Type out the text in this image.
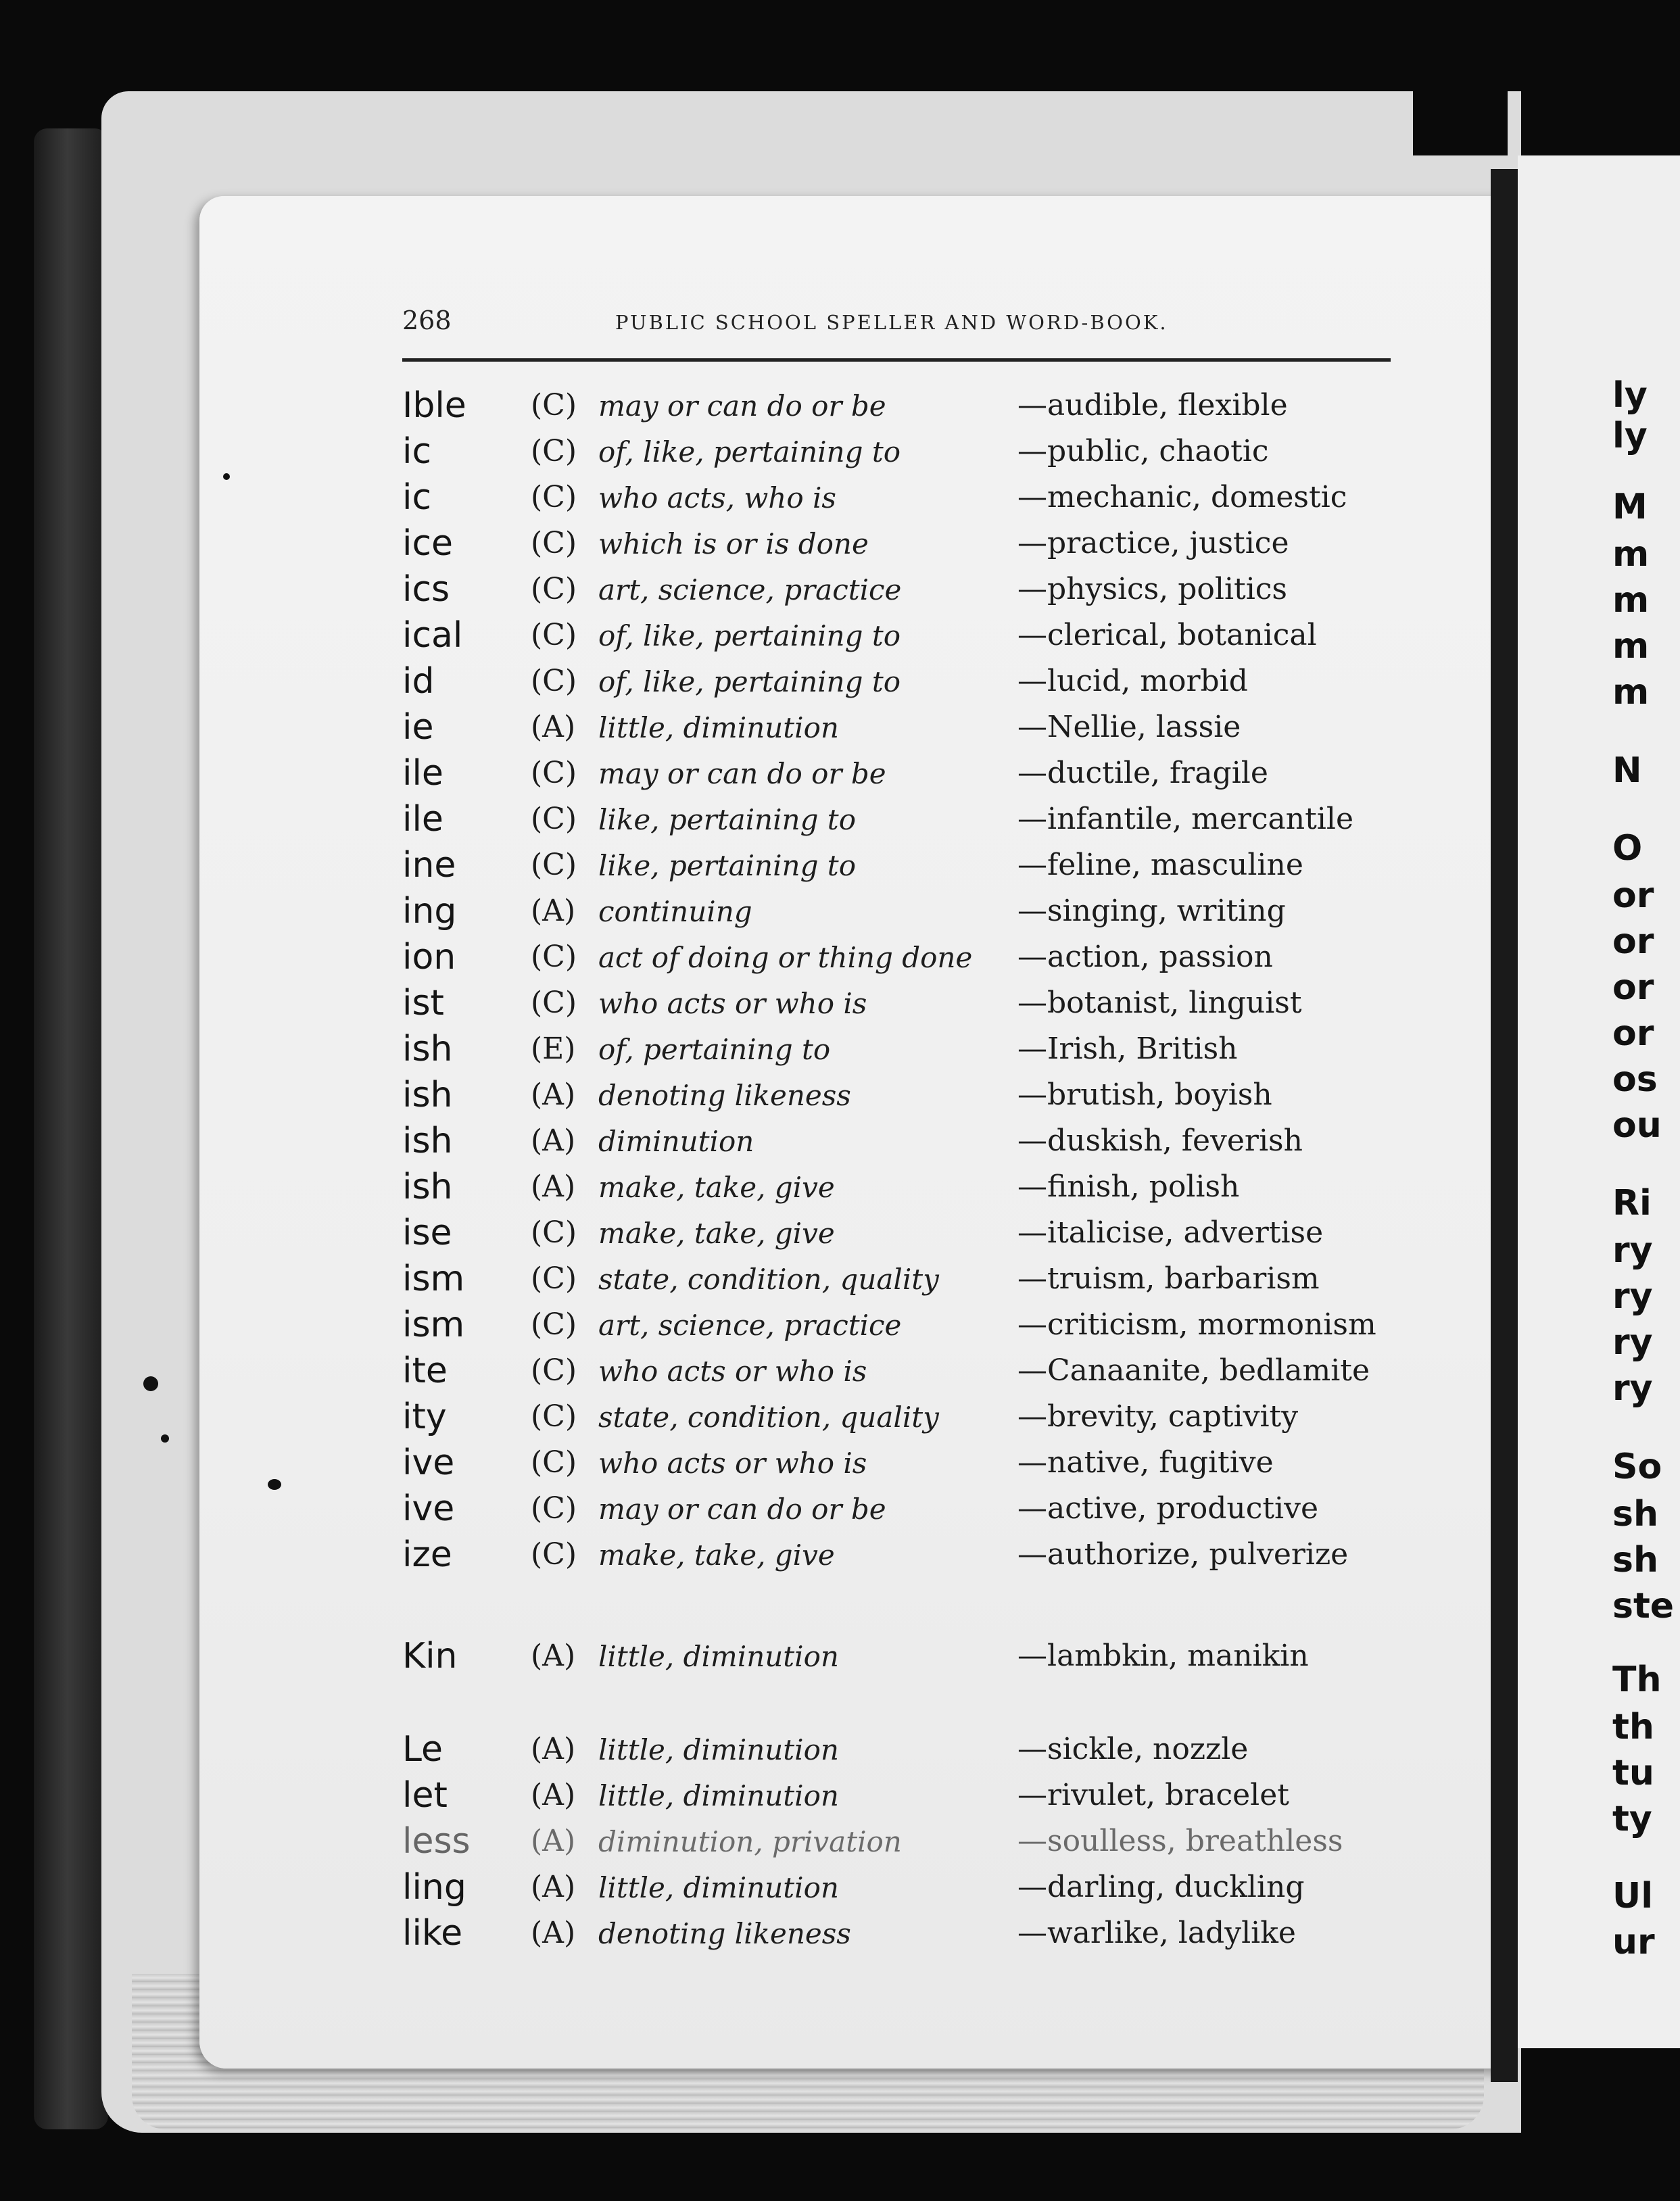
268	PUBLIC SCHOOL SPELLER AND WORD-BOOK.
Ible (C) may or can do or be	—audible, flexible
ic	(C) of, like, pertaining to	—public, chaotic
ic	(C) who acts, who is	—mechanic, domestic
ice	(C) which is or is done	—practice, justice
ics	(C) art, science, practice	—physics, politics
ical (C) of, like, pertaining to	—clerical, botanical
id	(C) of, like, pertaining to	—lucid, morbid
ie	(A) little, diminution	—Nellie, lassie
ile	(C) may or can do or be	—ductile, fragile
ile	(C) like, pertaining to	—infantile, mercantile
ine	(C) like, pertaining to	—feline, masculine
ing (A) continuing	—singing, writing
ion	(C) act of doing or thing done —action, passion
ist	(C) who acts or who is	—botanist, linguist
ish	(E) of, pertaining to	—Irish, British
ish	(A) denoting likeness	—brutish, boyish
ish	(A) diminution	—duskish, feverish
ish	(A) make, take, give	—finish, polish
ise	(C) make, take, give	—italicise, advertise
ism (C) state, condition, quality	—truism, barbarism
ism (C) art, science, practice	—criticism, mormonism
ite	(C) who acts or who is	—Canaanite, bedlamite
ity	(C) state, condition, quality	—brevity, captivity
ive	(C) who acts or who is	—native, fugitive
ive	(C) may or can do or be	—active, productive
ize	(C) make, take, give	—authorize, pulverize
Kin (A) little, diminution	—lambkin, manikin
Le	(A) little, diminution	—sickle, nozzle
let	(A) little, diminution	—rivulet, bracelet
less (A) diminution, privation	—soulless, breathless
ling (A) little, diminution	—darling, duckling
like (A) denoting likeness	—warlike, ladylike
ly
ly
M
m
m
m
m
N
O
or
or
or
or
os
ou
Ri
ry
ry
ry
ry
So
sh
sh
ste
Th
th
tu
ty
Ul
ur
